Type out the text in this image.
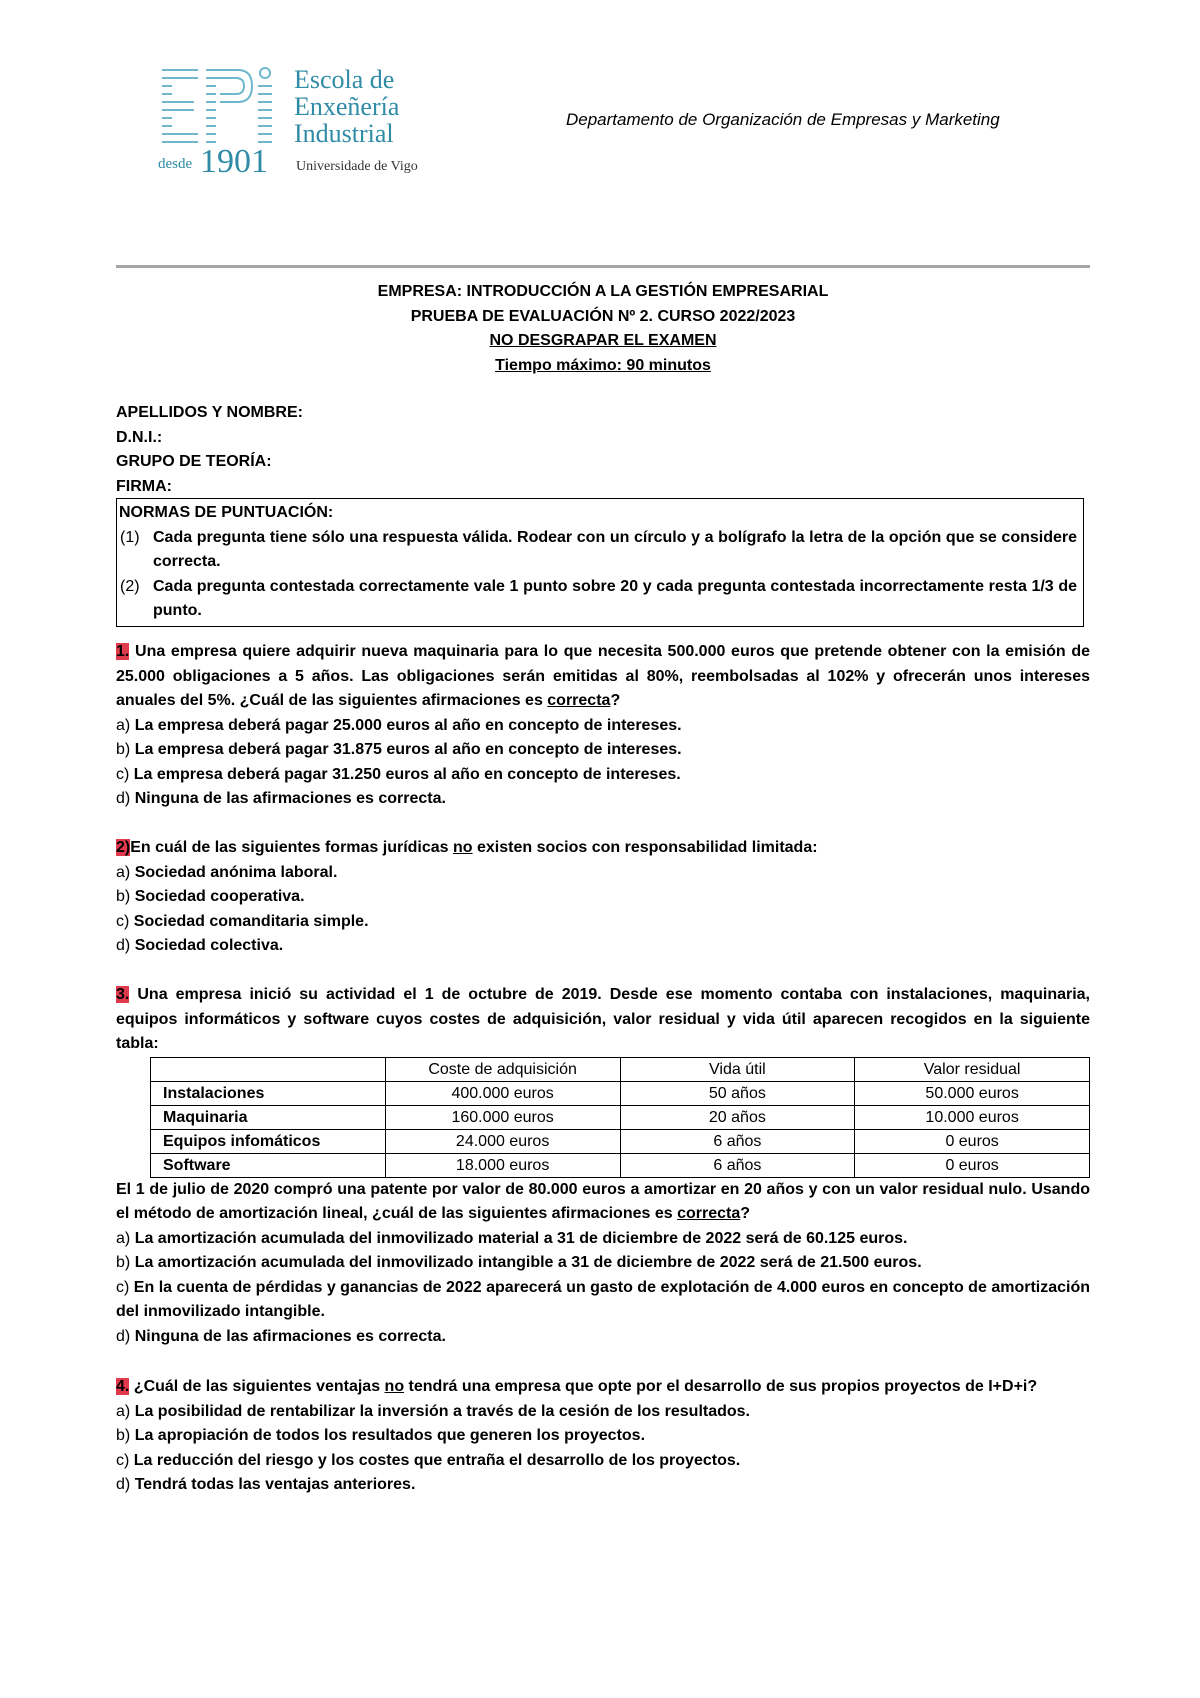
Escola de
Enxeñería
Industrial
desde 1901 Universidade de Vigo
Departamento de Organización de Empresas y Marketing
EMPRESA: INTRODUCCIÓN A LA GESTIÓN EMPRESARIAL
PRUEBA DE EVALUACIÓN Nº 2. CURSO 2022/2023
NO DESGRAPAR EL EXAMEN
Tiempo máximo: 90 minutos
APELLIDOS Y NOMBRE:
D.N.I.:
GRUPO DE TEORÍA:
FIRMA:
NORMAS DE PUNTUACIÓN:
(1) Cada pregunta tiene sólo una respuesta válida. Rodear con un círculo y a bolígrafo la letra de la opción que se considere correcta.
(2) Cada pregunta contestada correctamente vale 1 punto sobre 20 y cada pregunta contestada incorrectamente resta 1/3 de punto.

1. Una empresa quiere adquirir nueva maquinaria para lo que necesita 500.000 euros que pretende obtener con la emisión de 25.000 obligaciones a 5 años. Las obligaciones serán emitidas al 80%, reembolsadas al 102% y ofrecerán unos intereses anuales del 5%. ¿Cuál de las siguientes afirmaciones es correcta?

a) La empresa deberá pagar 25.000 euros al año en concepto de intereses.

b) La empresa deberá pagar 31.875 euros al año en concepto de intereses.

c) La empresa deberá pagar 31.250 euros al año en concepto de intereses.

d) Ninguna de las afirmaciones es correcta.

2)En cuál de las siguientes formas jurídicas no existen socios con responsabilidad limitada:

a) Sociedad anónima laboral.

b) Sociedad cooperativa.

c) Sociedad comanditaria simple.

d) Sociedad colectiva.

3. Una empresa inició su actividad el 1 de octubre de 2019. Desde ese momento contaba con instalaciones, maquinaria, equipos informáticos y software cuyos costes de adquisición, valor residual y vida útil aparecen recogidos en la siguiente tabla:

	Coste de adquisición	Vida útil	Valor residual
Instalaciones	400.000 euros	50 años	50.000 euros
Maquinaria	160.000 euros	20 años	10.000 euros
Equipos infomáticos	24.000 euros	6 años	0 euros
Software	18.000 euros	6 años	0 euros

El 1 de julio de 2020 compró una patente por valor de 80.000 euros a amortizar en 20 años y con un valor residual nulo. Usando el método de amortización lineal, ¿cuál de las siguientes afirmaciones es correcta?

a) La amortización acumulada del inmovilizado material a 31 de diciembre de 2022 será de 60.125 euros.

b) La amortización acumulada del inmovilizado intangible a 31 de diciembre de 2022 será de 21.500 euros.

c) En la cuenta de pérdidas y ganancias de 2022 aparecerá un gasto de explotación de 4.000 euros en concepto de amortización del inmovilizado intangible.

d) Ninguna de las afirmaciones es correcta.

4. ¿Cuál de las siguientes ventajas no tendrá una empresa que opte por el desarrollo de sus propios proyectos de I+D+i?

a) La posibilidad de rentabilizar la inversión a través de la cesión de los resultados.

b) La apropiación de todos los resultados que generen los proyectos.

c) La reducción del riesgo y los costes que entraña el desarrollo de los proyectos.

d) Tendrá todas las ventajas anteriores.
